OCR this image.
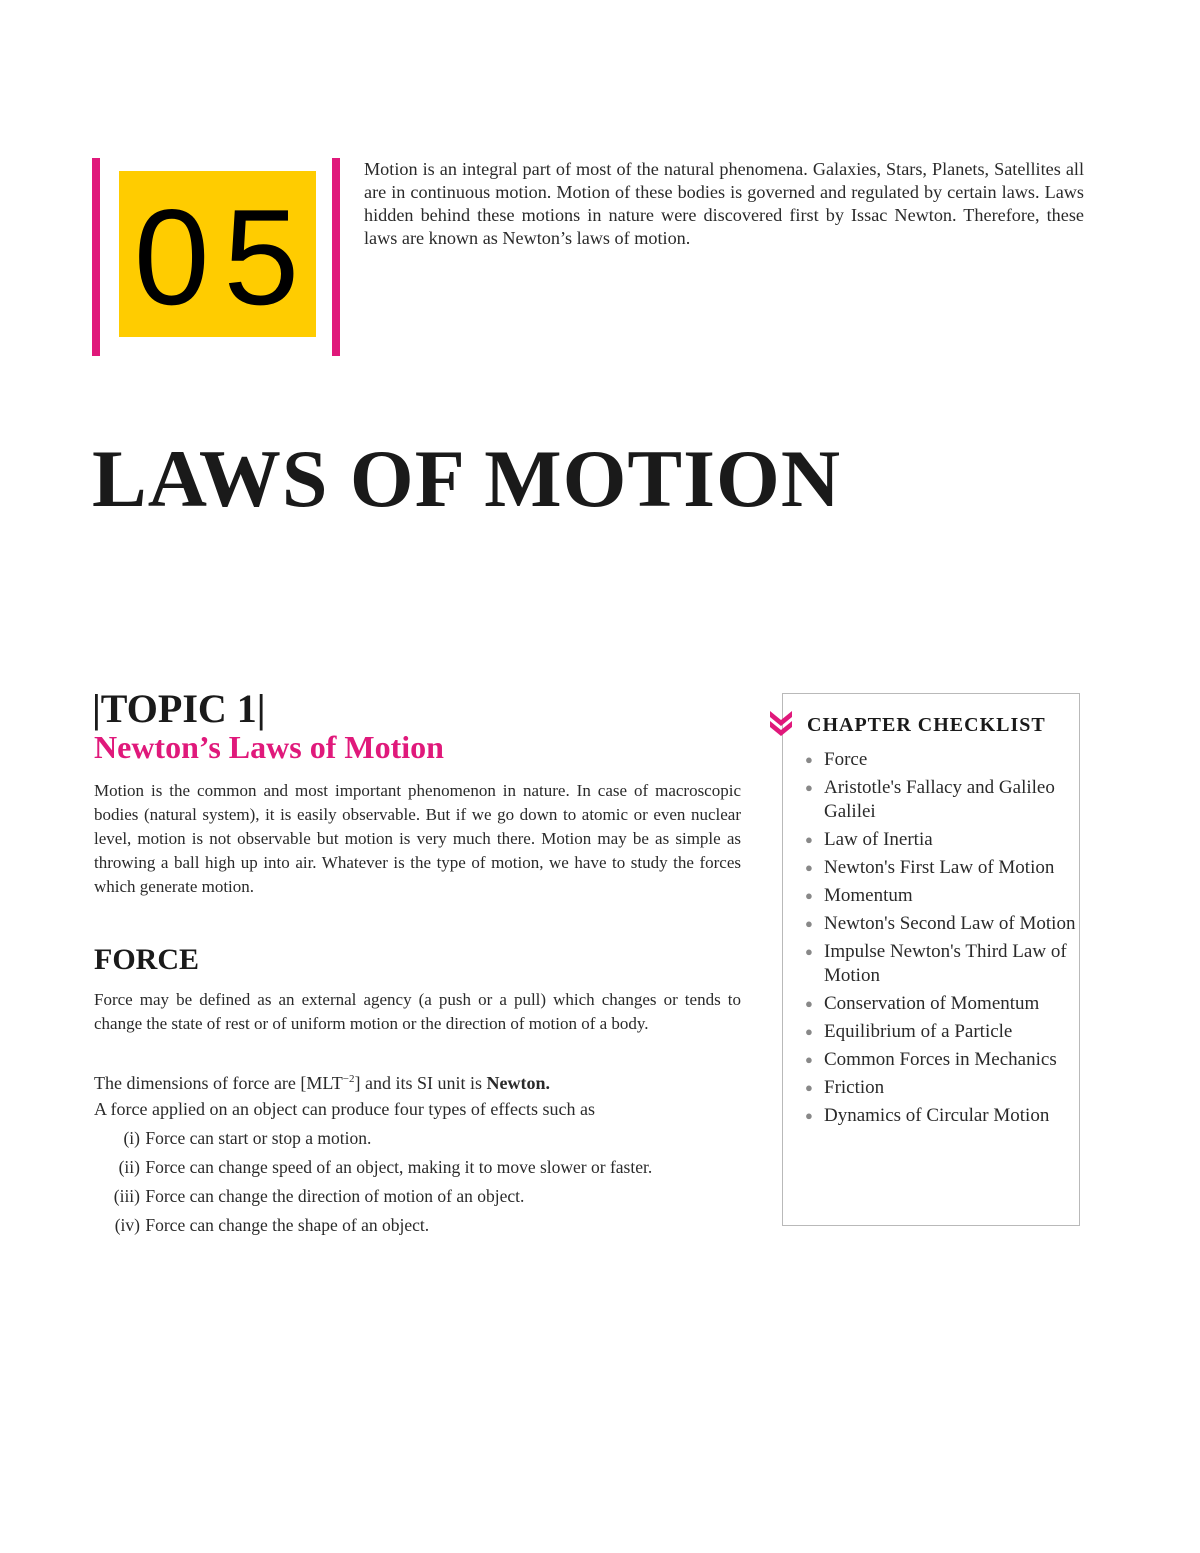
05

Motion is an integral part of most of the natural phenomena. Galaxies, Stars, Planets, Satellites all are in continuous motion. Motion of these bodies is governed and regulated by certain laws. Laws hidden behind these motions in nature were discovered first by Issac Newton. Therefore, these laws are known as Newton’s laws of motion.

LAWS OF MOTION
|TOPIC 1|
Newton’s Laws of Motion

Motion is the common and most important phenomenon in nature. In case of macroscopic bodies (natural system), it is easily observable. But if we go down to atomic or even nuclear level, motion is not observable but motion is very much there. Motion may be as simple as throwing a ball high up into air. Whatever is the type of motion, we have to study the forces which generate motion.

FORCE

Force may be defined as an external agency (a push or a pull) which changes or tends to change the state of rest or of uniform motion or the direction of motion of a body.

The dimensions of force are $[MLT^{-2}]$ and its SI unit is Newton.

A force applied on an object can produce four types of effects such as

(i)
Force can start or stop a motion.
(ii)
Force can change speed of an object, making it to move slower or faster.
(iii)
Force can change the direction of motion of an object.
(iv)
Force can change the shape of an object.
CHAPTER CHECKLIST
● Force
● Aristotle's Fallacy and Galileo Galilei
● Law of Inertia
● Newton's First Law of Motion
● Momentum
● Newton's Second Law of Motion
● Impulse Newton's Third Law of Motion
● Conservation of Momentum
● Equilibrium of a Particle
● Common Forces in Mechanics
● Friction
● Dynamics of Circular Motion
